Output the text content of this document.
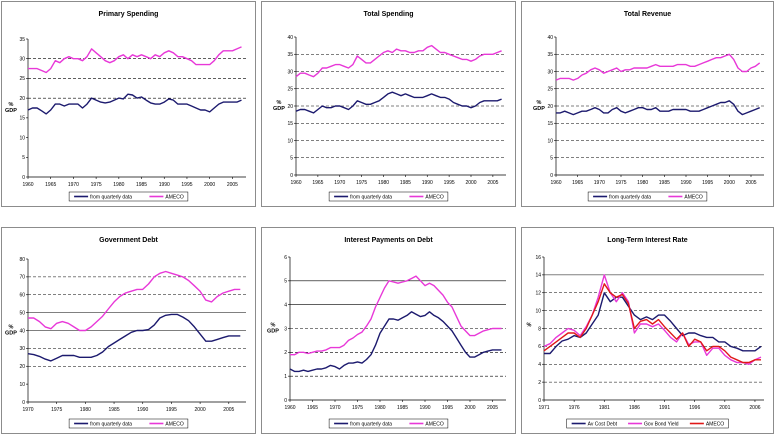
Primary Spending
0
5
10
15
20
25
30
35
1960 1965 1970 1975 1980 1985 1990 1995 2000 2005
%
GDP
from quarterly data	AMECO
Total Spending
0
5
10
15
20
25
30
35
40
1960 1965 1970 1975 1980 1985 1990 1995 2000 2005
%
GDP
from quarterly data	AMECO
Total Revenue
0
5
10
15
20
25
30
35
40
1960 1965 1970 1975 1980 1985 1990 1995 2000 2005
%
GDP
from quarterly data	AMECO
Government Debt
0
10
20
30
40
50
60
70
80
1970	1975	1980	1985	1990	1995	2000	2005
%
GDP
from quarterly data	AMECO
Interest Payments on Debt
0
1
2
3
4
5
6
1960 1965 1970 1975 1980 1985 1990 1995 2000 2005
%
GDP
from quarterly data	AMECO
Long-Term Interest Rate
0
2
4
6
8
10
12
14
16
1971	1976	1981	1986	1991	1996	2001	2006
%
Av Cost Debt	Gov Bond Yield	AMECO
